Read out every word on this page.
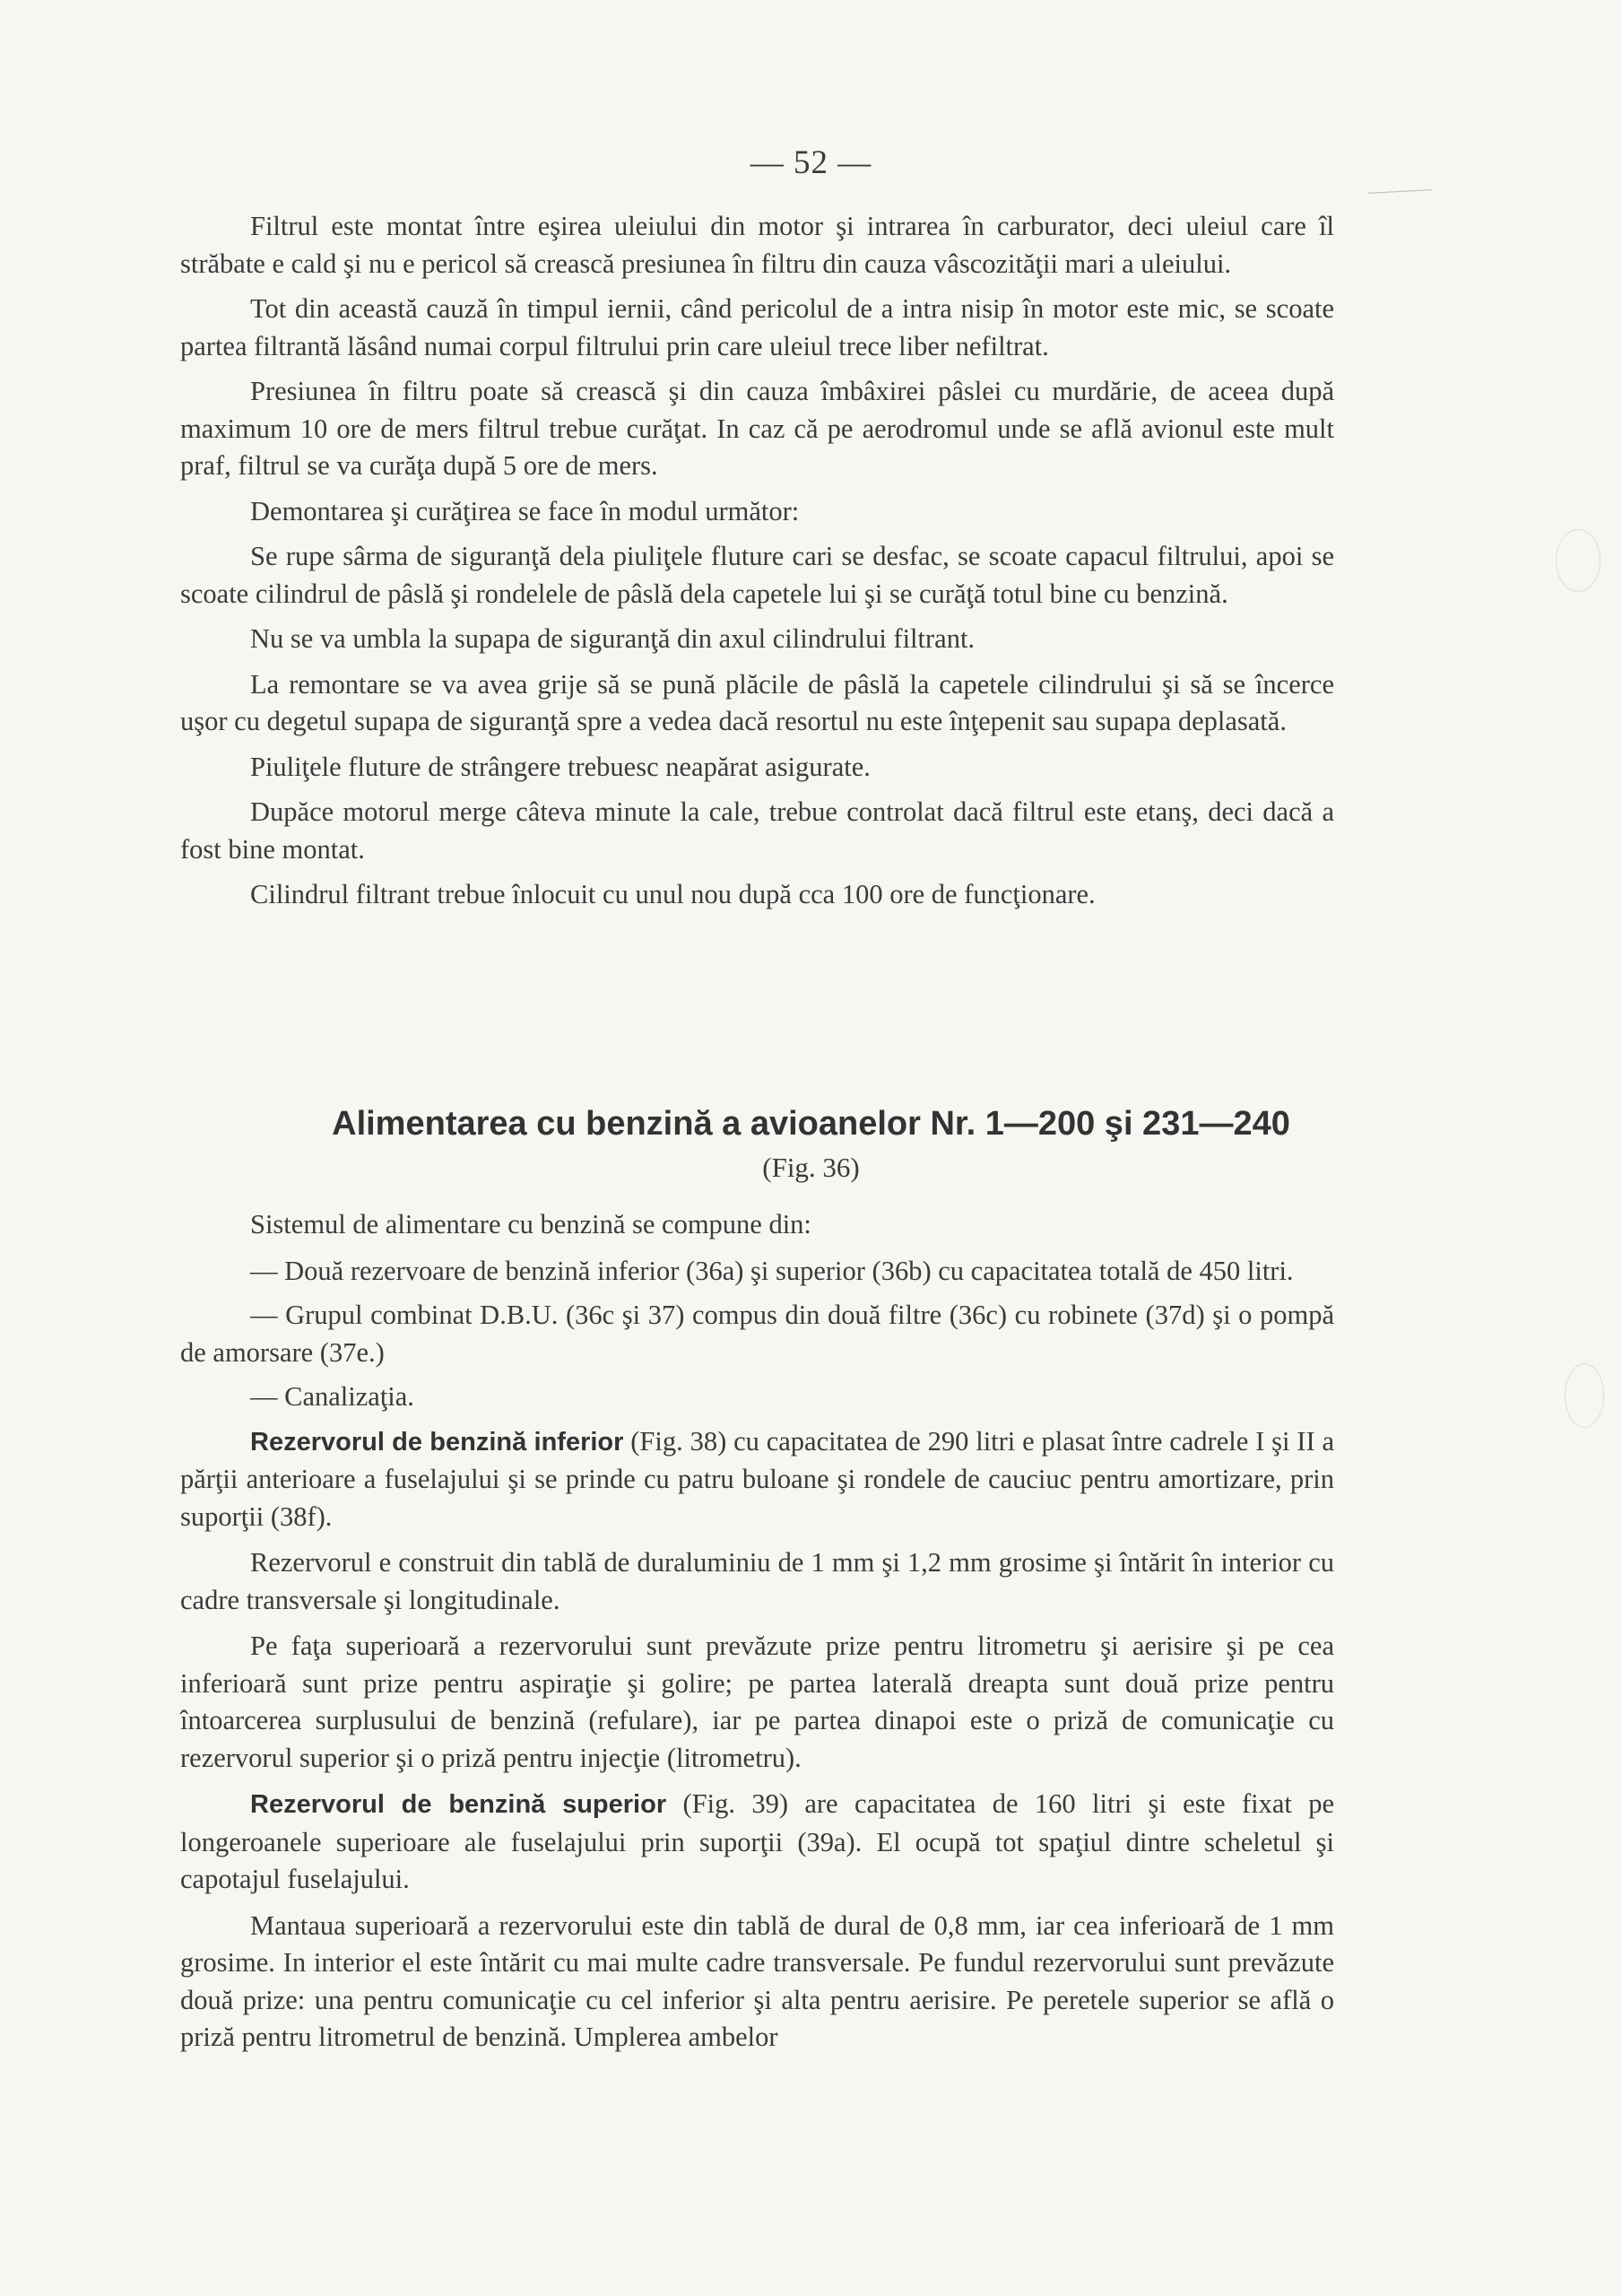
— 52 —

Filtrul este montat între eşirea uleiului din motor şi intrarea în carburator, deci uleiul care îl străbate e cald şi nu e pericol să crească presiunea în filtru din cauza vâscozităţii mari a uleiului.

Tot din această cauză în timpul iernii, când pericolul de a intra nisip în motor este mic, se scoate partea filtrantă lăsând numai corpul filtrului prin care uleiul trece liber nefiltrat.

Presiunea în filtru poate să crească şi din cauza îmbâxirei pâslei cu murdărie, de aceea după maximum 10 ore de mers filtrul trebue curăţat. In caz că pe aerodromul unde se află avionul este mult praf, filtrul se va curăţa după 5 ore de mers.

Demontarea şi curăţirea se face în modul următor:

Se rupe sârma de siguranţă dela piuliţele fluture cari se desfac, se scoate capacul filtrului, apoi se scoate cilindrul de pâslă şi rondelele de pâslă dela capetele lui şi se curăţă totul bine cu benzină.

Nu se va umbla la supapa de siguranţă din axul cilindrului filtrant.

La remontare se va avea grije să se pună plăcile de pâslă la capetele cilindrului şi să se încerce uşor cu degetul supapa de siguranţă spre a vedea dacă resortul nu este înţepenit sau supapa deplasată.

Piuliţele fluture de strângere trebuesc neapărat asigurate.

Dupăce motorul merge câteva minute la cale, trebue controlat dacă filtrul este etanş, deci dacă a fost bine montat.

Cilindrul filtrant trebue înlocuit cu unul nou după cca 100 ore de funcţionare.

Alimentarea cu benzină a avioanelor Nr. 1—200 şi 231—240
(Fig. 36)

Sistemul de alimentare cu benzină se compune din:

— Două rezervoare de benzină inferior (36a) şi superior (36b) cu capacitatea totală de 450 litri.

— Grupul combinat D.B.U. (36c şi 37) compus din două filtre (36c) cu robinete (37d) şi o pompă de amorsare (37e.)

— Canalizaţia.

Rezervorul de benzină inferior (Fig. 38) cu capacitatea de 290 litri e plasat între cadrele I şi II a părţii anterioare a fuselajului şi se prinde cu patru buloane şi rondele de cauciuc pentru amortizare, prin suporţii (38f).

Rezervorul e construit din tablă de duraluminiu de 1 mm şi 1,2 mm grosime şi întărit în interior cu cadre transversale şi longitudinale.

Pe faţa superioară a rezervorului sunt prevăzute prize pentru litrometru şi aerisire şi pe cea inferioară sunt prize pentru aspiraţie şi golire; pe partea laterală dreapta sunt două prize pentru întoarcerea surplusului de benzină (refulare), iar pe partea dinapoi este o priză de comunicaţie cu rezervorul superior şi o priză pentru injecţie (litrometru).

Rezervorul de benzină superior (Fig. 39) are capacitatea de 160 litri şi este fixat pe longeroanele superioare ale fuselajului prin suporţii (39a). El ocupă tot spaţiul dintre scheletul şi capotajul fuselajului.

Mantaua superioară a rezervorului este din tablă de dural de 0,8 mm, iar cea inferioară de 1 mm grosime. In interior el este întărit cu mai multe cadre transversale. Pe fundul rezervorului sunt prevăzute două prize: una pentru comunicaţie cu cel inferior şi alta pentru aerisire. Pe peretele superior se află o priză pentru litrometrul de benzină. Umplerea ambelor
